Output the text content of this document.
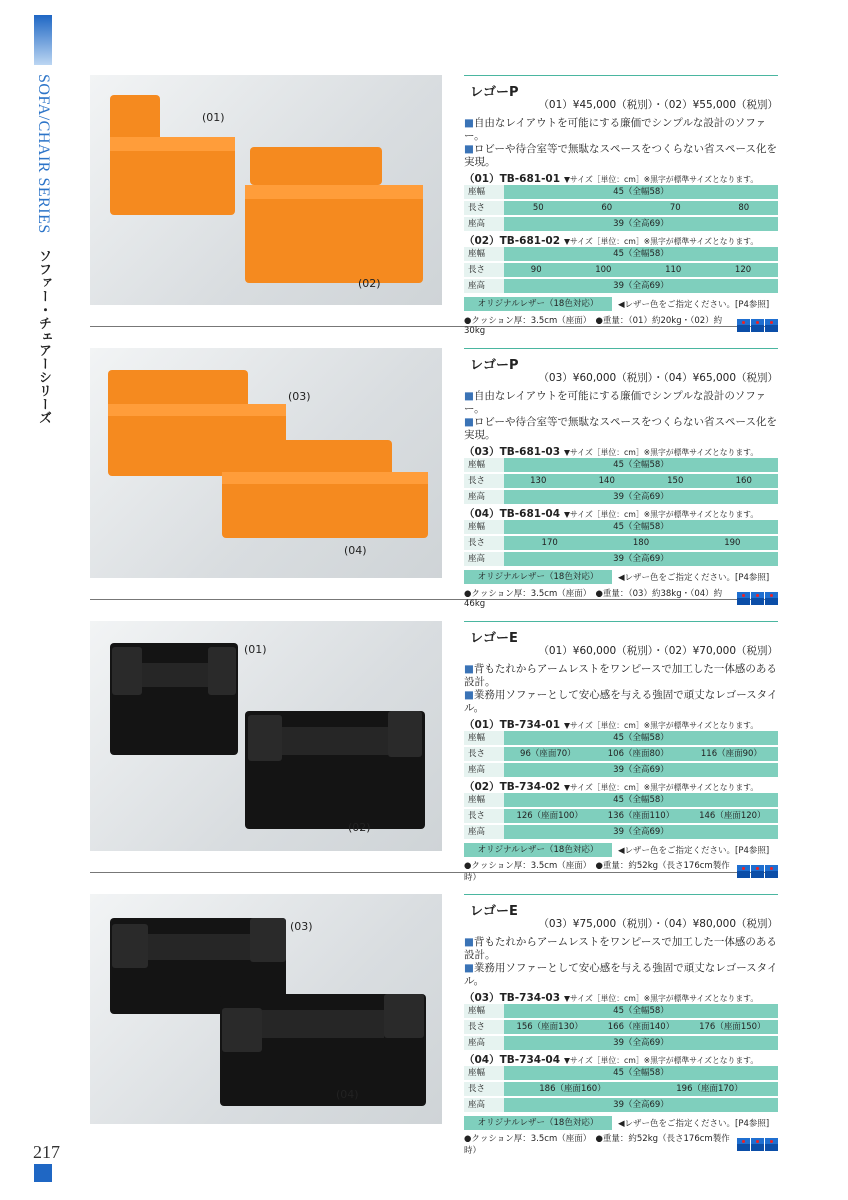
SOFA/CHAIR SERIES ソファー・チェアーシリーズ
217
(01)
(02)
レゴーP
（01）¥45,000（税別）・（02）¥55,000（税別）
■ 自由なレイアウトを可能にする廉価でシンプルな設計のソファー。
■ ロビーや待合室等で無駄なスペースをつくらない省スペース化を実現。
（01）TB-681-01 ▼サイズ［単位：cm］※黒字が標準サイズとなります。
座幅	45（全幅58）
長さ	50	60	70	80
座高	39（全高69）
（02）TB-681-02 ▼サイズ［単位：cm］※黒字が標準サイズとなります。
座幅	45（全幅58）
長さ	90	100	110	120
座高	39（全高69）
オリジナルレザー（18色対応）	◀レザー色をご指定ください。[P4参照]
●クッション厚：3.5cm（座面）　●重量：（01）約20kg・（02）約30kg
(03)
(04)
レゴーP
（03）¥60,000（税別）・（04）¥65,000（税別）
■ 自由なレイアウトを可能にする廉価でシンプルな設計のソファー。
■ ロビーや待合室等で無駄なスペースをつくらない省スペース化を実現。
（03）TB-681-03 ▼サイズ［単位：cm］※黒字が標準サイズとなります。
座幅	45（全幅58）
長さ	130	140	150	160
座高	39（全高69）
（04）TB-681-04 ▼サイズ［単位：cm］※黒字が標準サイズとなります。
座幅	45（全幅58）
長さ	170	180	190
座高	39（全高69）
オリジナルレザー（18色対応）	◀レザー色をご指定ください。[P4参照]
●クッション厚：3.5cm（座面）　●重量：（03）約38kg・（04）約46kg
(01)
(02)
レゴーE
（01）¥60,000（税別）・（02）¥70,000（税別）
■ 背もたれからアームレストをワンピースで加工した一体感のある設計。
■ 業務用ソファーとして安心感を与える強固で頑丈なレゴースタイル。
（01）TB-734-01 ▼サイズ［単位：cm］※黒字が標準サイズとなります。
座幅	45（全幅58）
長さ	96（座面70）	106（座面80）	116（座面90）
座高	39（全高69）
（02）TB-734-02 ▼サイズ［単位：cm］※黒字が標準サイズとなります。
座幅	45（全幅58）
長さ	126（座面100）	136（座面110）	146（座面120）
座高	39（全高69）
オリジナルレザー（18色対応）	◀レザー色をご指定ください。[P4参照]
●クッション厚：3.5cm（座面）　●重量：約52kg（長さ176cm製作時）
(03)
(04)
レゴーE
（03）¥75,000（税別）・（04）¥80,000（税別）
■ 背もたれからアームレストをワンピースで加工した一体感のある設計。
■ 業務用ソファーとして安心感を与える強固で頑丈なレゴースタイル。
（03）TB-734-03 ▼サイズ［単位：cm］※黒字が標準サイズとなります。
座幅	45（全幅58）
長さ	156（座面130）	166（座面140）	176（座面150）
座高	39（全高69）
（04）TB-734-04 ▼サイズ［単位：cm］※黒字が標準サイズとなります。
座幅	45（全幅58）
長さ	186（座面160）	196（座面170）
座高	39（全高69）
オリジナルレザー（18色対応）	◀レザー色をご指定ください。[P4参照]
●クッション厚：3.5cm（座面）　●重量：約52kg（長さ176cm製作時）
